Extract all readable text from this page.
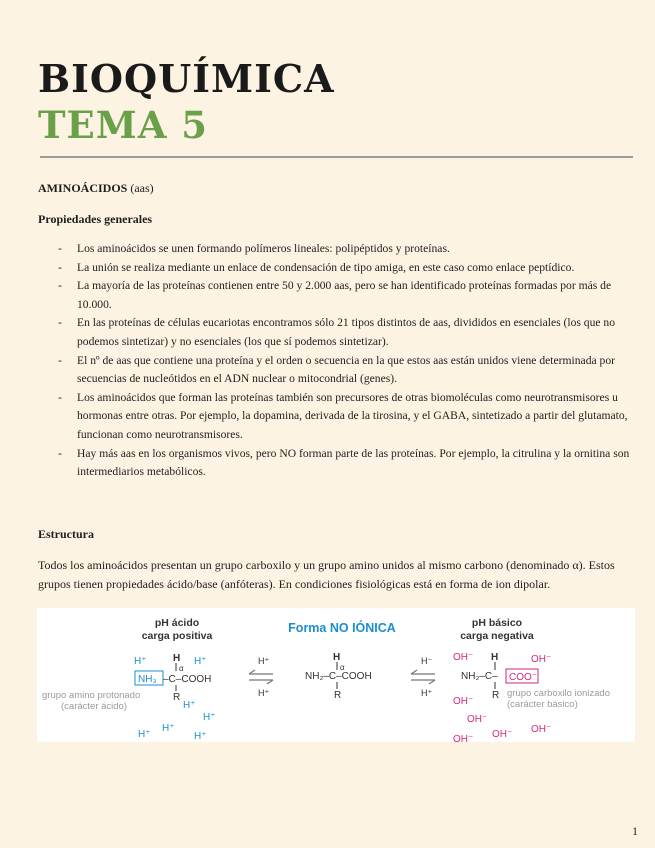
BIOQUÍMICA
TEMA 5
AMINOÁCIDOS (aas)
Propiedades generales
- Los aminoácidos se unen formando polímeros lineales: polipéptidos y proteínas.
- La unión se realiza mediante un enlace de condensación de tipo amiga, en este caso como enlace peptídico.
- La mayoría de las proteínas contienen entre 50 y 2.000 aas, pero se han identificado proteínas formadas por más de 10.000.
- En las proteínas de células eucariotas encontramos sólo 21 tipos distintos de aas, divididos en esenciales (los que no podemos sintetizar) y no esenciales (los que sí podemos sintetizar).
- El nº de aas que contiene una proteína y el orden o secuencia en la que estos aas están unidos viene determinada por secuencias de nucleótidos en el ADN nuclear o mitocondrial (genes).
- Los aminoácidos que forman las proteínas también son precursores de otras biomoléculas como neurotransmisores u hormonas entre otras. Por ejemplo, la dopamina, derivada de la tirosina, y el GABA, sintetizado a partir del glutamato, funcionan como neurotransmisores.
- Hay más aas en los organismos vivos, pero NO forman parte de las proteínas. Por ejemplo, la citrulina y la ornitina son intermediarios metabólicos.
Estructura
Todos los aminoácidos presentan un grupo carboxilo y un grupo amino unidos al mismo carbono (denominado α). Estos grupos tienen propiedades ácido/base (anfóteras). En condiciones fisiológicas está en forma de ion dipolar.
pH ácido
carga positiva
Forma NO IÓNICA	pH básico
carga negativa
H⁺	H H⁺
α
NH₃ –C–COOH
R
grupo amino protonado
(carácter ácido)	H⁺
H⁺
H⁺
H⁺	H⁺
H⁺
H⁺
H
α
NH₂–C–COOH
R
H⁻
H⁺
OH⁻ H	OH⁻
NH₂–C– COO⁻
R
OH⁻
grupo carboxilo ionizado
(carácter básico)
OH⁻
OH⁻ OH⁻
OH⁻
1
